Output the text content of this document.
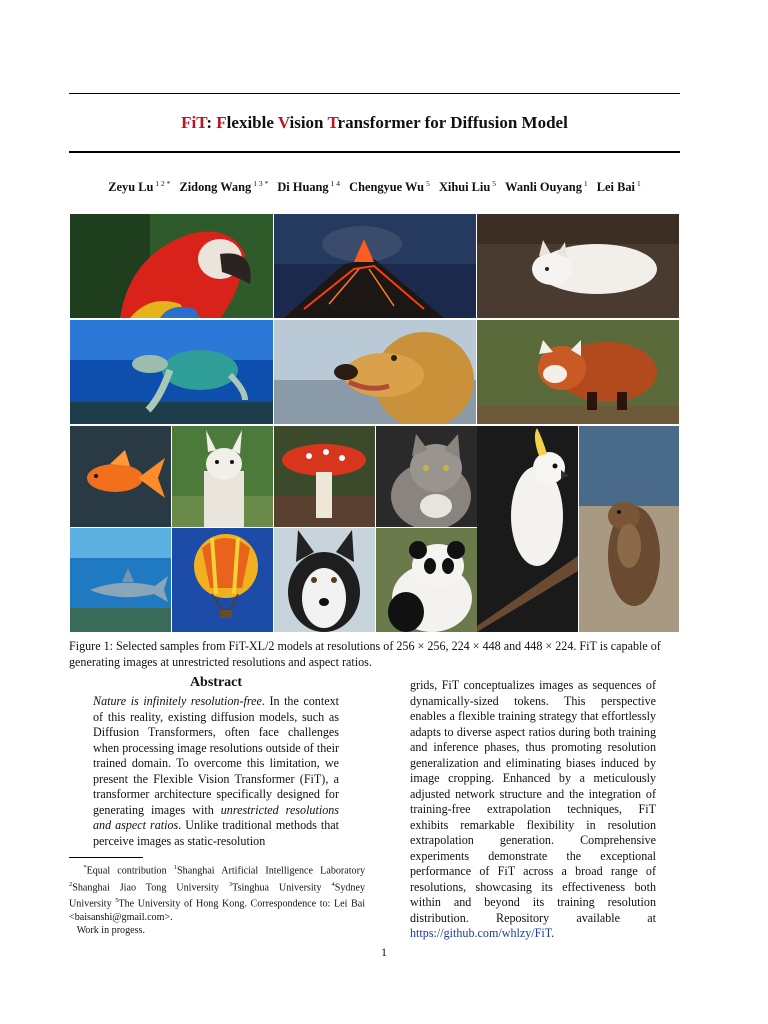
FiT: Flexible Vision Transformer for Diffusion Model
Zeyu Lu $^{1 2 *}$ Zidong Wang $^{1 3 *}$ Di Huang $^{1 4}$ Chengyue Wu $^5$ Xihui Liu $^5$ Wanli Ouyang $^1$ Lei Bai $^1$
Figure 1: Selected samples from FiT-XL/2 models at resolutions of 256 × 256, 224 × 448 and 448 × 224. FiT is capable of generating images at unrestricted resolutions and aspect ratios.
Abstract

Nature is infinitely resolution-free. In the context of this reality, existing diffusion models, such as Diffusion Transformers, often face challenges when processing image resolutions outside of their trained domain. To overcome this limitation, we present the Flexible Vision Transformer (FiT), a transformer architecture specifically designed for generating images with unrestricted resolutions and aspect ratios. Unlike traditional methods that perceive images as static-resolution

grids, FiT conceptualizes images as sequences of dynamically-sized tokens. This perspective enables a flexible training strategy that effortlessly adapts to diverse aspect ratios during both training and inference phases, thus promoting resolution generalization and eliminating biases induced by image cropping. Enhanced by a meticulously adjusted network structure and the integration of training-free extrapolation techniques, FiT exhibits remarkable flexibility in resolution extrapolation generation. Comprehensive experiments demonstrate the exceptional performance of FiT across a broad range of resolutions, showcasing its effectiveness both within and beyond its training resolution distribution. Repository available at https://github.com/whlzy/FiT.
*Equal contribution $^1$Shanghai Artificial Intelligence Laboratory $^2$Shanghai Jiao Tong University $^3$Tsinghua University $^4$Sydney University $^5$The University of Hong Kong. Correspondence to: Lei Bai <baisanshi@gmail.com>.
Work in progess.
1
